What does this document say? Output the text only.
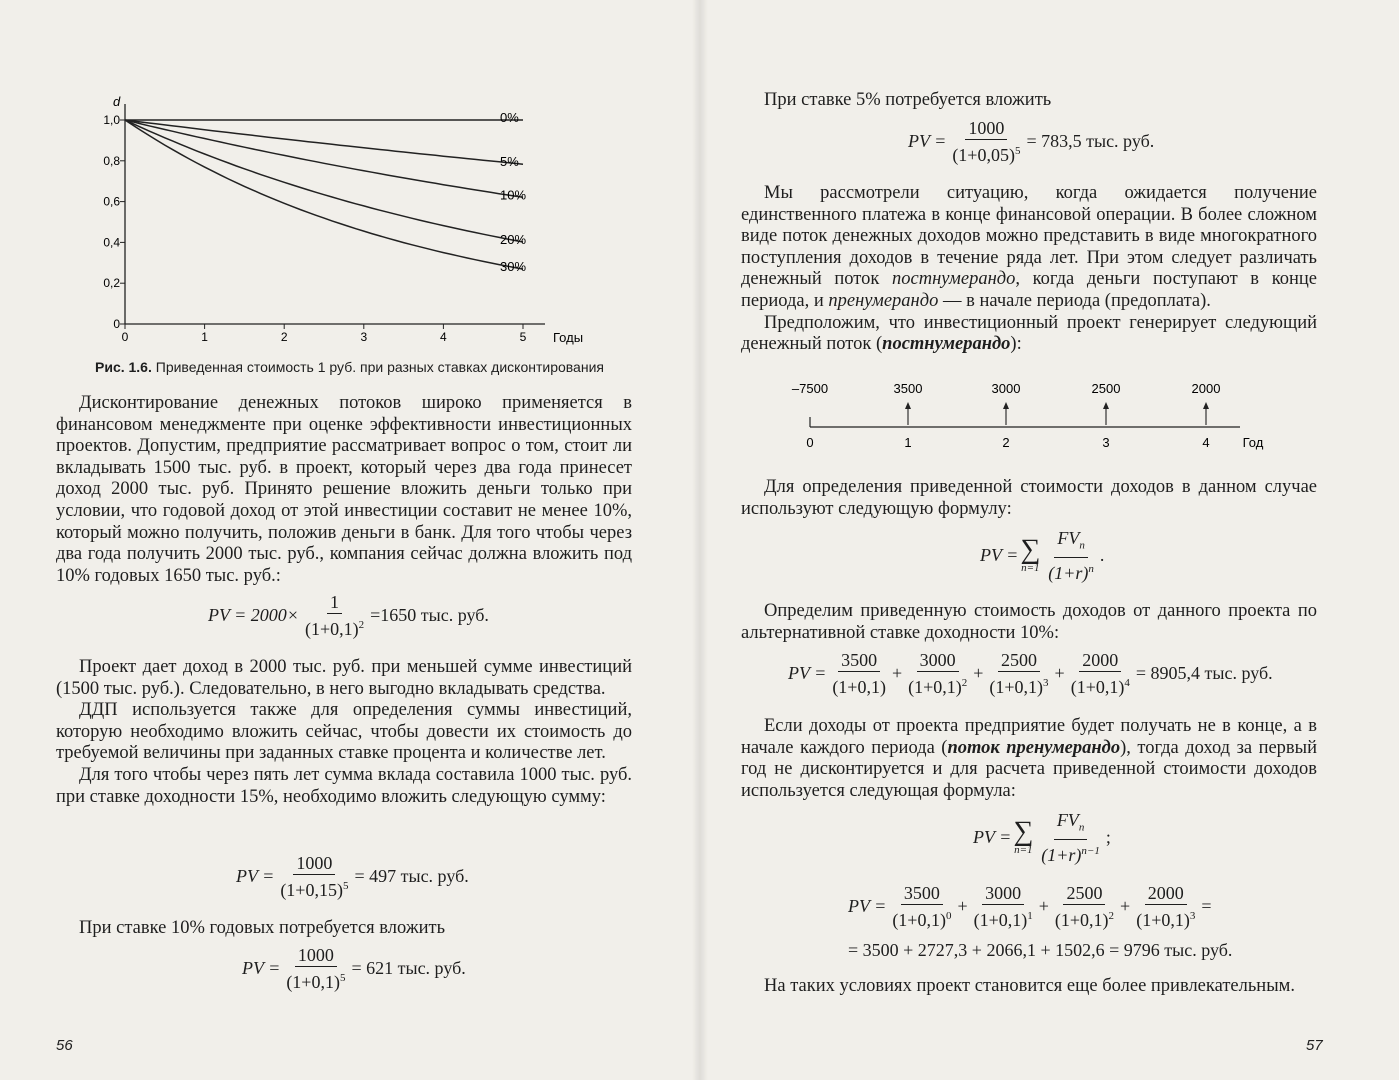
d
Годы
0
0,2
0,4
0,6
0,8
1,0
0	1	2	3	4	5
0%
5%
10%
20%
30%
Рис. 1.6. Приведенная стоимость 1 руб. при разных ставках дисконтирования

Дисконтирование денежных потоков широко применяется в финансовом менеджменте при оценке эффективности инвестиционных проектов. Допустим, предприятие рассматривает вопрос о том, стоит ли вкладывать 1500 тыс. руб. в проект, который через два года принесет доход 2000 тыс. руб. Принято решение вложить деньги только при условии, что годовой доход от этой инвестиции составит не менее 10%, который можно получить, положив деньги в банк. Для того чтобы через два года получить 2000 тыс. руб., компания сейчас должна вложить под 10% годовых 1650 тыс. руб.:

PV = $2000\times \frac{1}{(1+0,1)^2} =1650$ тыс. руб.

Проект дает доход в 2000 тыс. руб. при меньшей сумме инвестиций (1500 тыс. руб.). Следовательно, в него выгодно вкладывать средства.

ДДП используется также для определения суммы инвестиций, которую необходимо вложить сейчас, чтобы довести их стоимость до требуемой величины при заданных ставке процента и количестве лет.

Для того чтобы через пять лет сумма вклада составила 1000 тыс. руб. при ставке доходности 15%, необходимо вложить следующую сумму:

PV = $\frac{1000}{(1+0,15)^5} = 497$ тыс. руб.

При ставке 10% годовых потребуется вложить

PV = $\frac{1000}{(1+0,1)^5} = 621$ тыс. руб.
56

При ставке 5% потребуется вложить

PV = $\frac{1000}{(1+0,05)^5} = 783,5$ тыс. руб.

Мы рассмотрели ситуацию, когда ожидается получение единственного платежа в конце финансовой операции. В более сложном виде поток денежных доходов можно представить в виде многократного поступления доходов в течение ряда лет. При этом следует различать денежный поток постнумерандо, когда деньги поступают в конце периода, и пренумерандо — в начале периода (предоплата).

Предположим, что инвестиционный проект генерирует следующий денежный поток (постнумерандо):

–7500
0
3500
1
3000
2
2500
3
2000
4	Год

Для определения приведенной стоимости доходов в данном случае используют следующую формулу:

PV = ∑
$n=1 \frac{FV_n}{(1+r)^n}$ .

Определим приведенную стоимость доходов от данного проекта по альтернативной ставке доходности 10%:

PV = $\frac{3500}{(1+0,1)} + \frac{3000}{(1+0,1)^2} + \frac{2500}{(1+0,1)^3} + \frac{2000}{(1+0,1)^4} = 8905,4$ тыс. руб.

Если доходы от проекта предприятие будет получать не в конце, а в начале каждого периода (поток пренумерандо), тогда доход за первый год не дисконтируется и для расчета приведенной стоимости доходов используется следующая формула:

PV = ∑
$n=1 \frac{FV_n}{(1+r)^{n-1}}$ ;
PV = $\frac{3500}{(1+0,1)^0} + \frac{3000}{(1+0,1)^1} + \frac{2500}{(1+0,1)^2} + \frac{2000}{(1+0,1)^3}$ =
= 3500 + 2727,3 + 2066,1 + 1502,6 = 9796 тыс. руб.

На таких условиях проект становится еще более привлекательным.

57
